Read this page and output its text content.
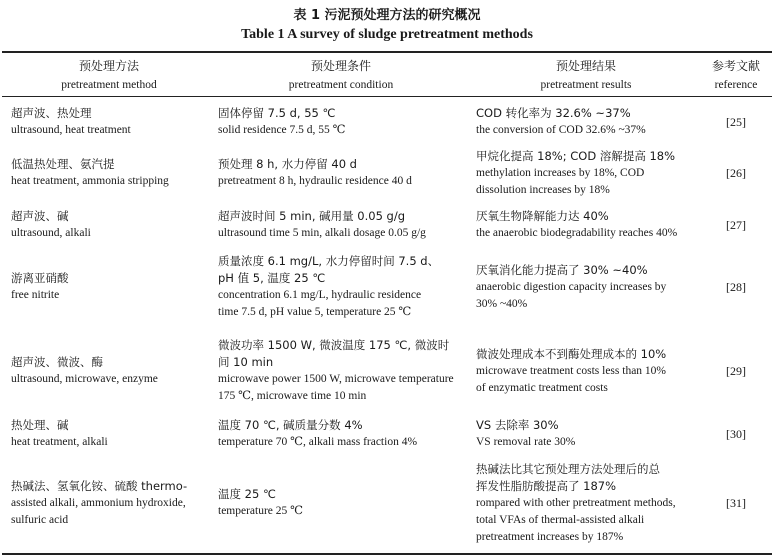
表 1 污泥预处理方法的研究概况
Table 1 A survey of sludge pretreatment methods
预处理方法
pretreatment method
预处理条件
pretreatment condition
预处理结果
pretreatment results
参考文献
reference
超声波、热处理
ultrasound, heat treatment
固体停留 7.5 d, 55 ℃
solid residence 7.5 d, 55 ℃
COD 转化率为 32.6% ~37%
the conversion of COD 32.6% ~37%
[25]
低温热处理、氨汽提
heat treatment, ammonia stripping
预处理 8 h, 水力停留 40 d
pretreatment 8 h, hydraulic residence 40 d
甲烷化提高 18%; COD 溶解提高 18%
methylation increases by 18%, COD
dissolution increases by 18%
[26]
超声波、碱
ultrasound, alkali
超声波时间 5 min, 碱用量 0.05 g/g
ultrasound time 5 min, alkali dosage 0.05 g/g
厌氧生物降解能力达 40%
the anaerobic biodegradability reaches 40%
[27]
游离亚硝酸
free nitrite
质量浓度 6.1 mg/L, 水力停留时间 7.5 d、
pH 值 5, 温度 25 ℃
concentration 6.1 mg/L, hydraulic residence
time 7.5 d, pH value 5, temperature 25 ℃
厌氧消化能力提高了 30% ~40%
anaerobic digestion capacity increases by
30% ~40%
[28]
超声波、微波、酶
ultrasound, microwave, enzyme
微波功率 1500 W, 微波温度 175 ℃, 微波时
间 10 min
microwave power 1500 W, microwave temperature
175 ℃, microwave time 10 min
微波处理成本不到酶处理成本的 10%
microwave treatment costs less than 10%
of enzymatic treatment costs
[29]
热处理、碱
heat treatment, alkali
温度 70 ℃, 碱质量分数 4%
temperature 70 ℃, alkali mass fraction 4%
VS 去除率 30%
VS removal rate 30%
[30]
热碱法、氢氧化铵、硫酸 thermo-
assisted alkali, ammonium hydroxide,
sulfuric acid
温度 25 ℃
temperature 25 ℃
热碱法比其它预处理方法处理后的总
挥发性脂肪酸提高了 187%
rompared with other pretreatment methods,
total VFAs of thermal-assisted alkali
pretreatment increases by 187%
[31]
